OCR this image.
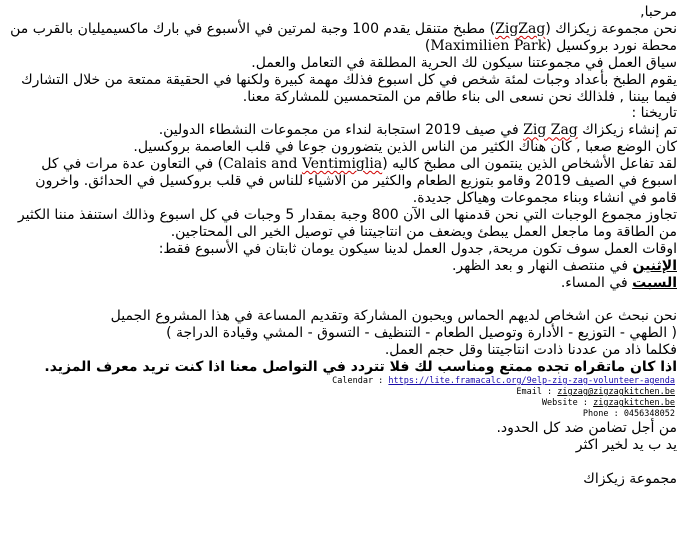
مرحبا,

نحن مجموعة زيكزاك (ZigZag) مطبخ متنقل يقدم 100 وجبة لمرتين في الأسبوع في بارك ماكسيميليان بالقرب من محطة نورد بروكسيل (Maximilien Park)

سياق العمل في مجموعتنا سيكون لك الحرية المطلقة في التعامل والعمل.

يقوم الطبخ بأعداد وجبات لمئة شخص في كل اسبوع فذلك مهمة كبيرة ولكنها في الحقيقة ممتعة من خلال التشارك فيما بيننا , فلذالك نحن نسعى الى بناء طاقم من المتحمسين للمشاركة معنا.

تاريخنا :

تم إنشاء زيكزاك Zig Zag في صيف 2019 استجابة لنداء من مجموعات النشطاء الدولين.

كان الوضع صعبا , كان هناك الكثير من الناس الذين يتضورون جوعا في قلب العاصمة بروكسيل.

لقد تفاعل الأشخاص الذين ينتمون الى مطبخ كاليه (Calais and Ventimiglia) في التعاون عدة مرات في كل اسبوع في الصيف 2019 وقامو بتوزيع الطعام والكثير من الاشياء للناس في قلب بروكسيل في الحدائق. واخرون قامو في انشاء وبناء مجموعات وهياكل جديدة.

تجاوز مجموع الوجبات التي نحن قدمنها الى الآن 800 وجبة بمقدار 5 وجبات في كل اسبوع وذالك استنفذ مننا الكثير من الطاقة وما ماجعل العمل يبطئ ويضعف من انتاجيتنا في توصيل الخير الى المحتاجين.

اوقات العمل سوف تكون مريحة, جدول العمل لدينا سيكون يومان ثابتان في الأسبوع فقط:

الإثنين في منتصف النهار و بعد الظهر.

السبت في المساء.

نحن نبحث عن اشخاص لديهم الحماس ويحبون المشاركة وتقديم المساعة في هذا المشروع الجميل

( الطهي - التوزيع - الأدارة وتوصيل الطعام - التنظيف - التسوق - المشي وقيادة الدراجة )

فكلما ذاد من عددنا ذادت انتاجيتنا وقل حجم العمل.

اذا كان ماتقراه تجده ممتع ومناسب لك فلا تتردد في التواصل معنا اذا كنت تريد معرف المزيد.

Calendar : https://lite.framacalc.org/9elp-zig-zag-volunteer-agenda
Email : zigzag@zigzagkitchen.be
Website : zigzagkitchen.be
Phone : 0456348052

من أجل تضامن ضد كل الحدود.

يد ب يد لخير اكثر

مجموعة زيكزاك
